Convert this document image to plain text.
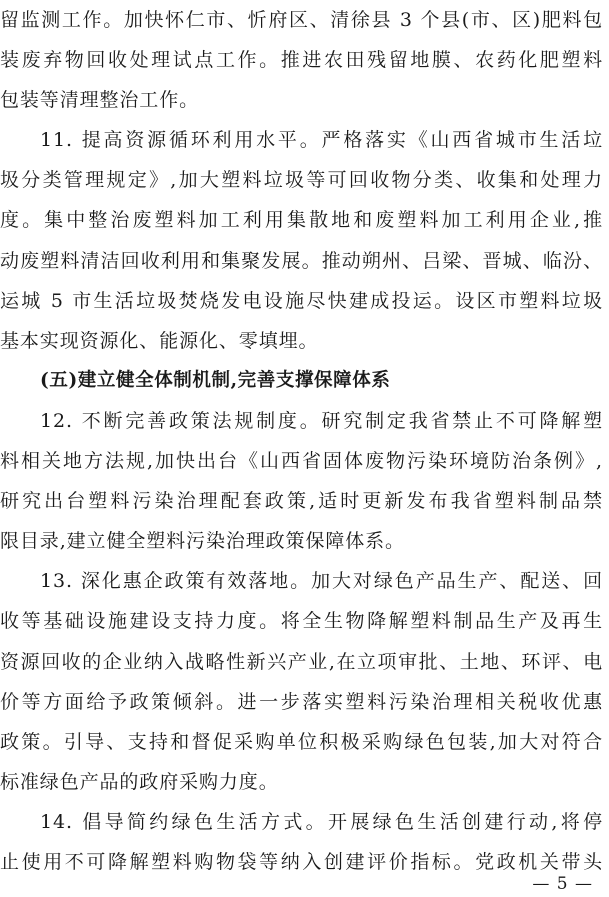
留监测工作。加快怀仁市、忻府区、清徐县 3 个县(市、区)肥料包
装废弃物回收处理试点工作。推进农田残留地膜、农药化肥塑料
包装等清理整治工作。
11. 提高资源循环利用水平。严格落实《山西省城市生活垃
圾分类管理规定》,加大塑料垃圾等可回收物分类、收集和处理力
度。集中整治废塑料加工利用集散地和废塑料加工利用企业,推
动废塑料清洁回收利用和集聚发展。推动朔州、吕梁、晋城、临汾、
运城 5 市生活垃圾焚烧发电设施尽快建成投运。设区市塑料垃圾
基本实现资源化、能源化、零填埋。
(五)建立健全体制机制,完善支撑保障体系
12. 不断完善政策法规制度。研究制定我省禁止不可降解塑
料相关地方法规,加快出台《山西省固体废物污染环境防治条例》,
研究出台塑料污染治理配套政策,适时更新发布我省塑料制品禁
限目录,建立健全塑料污染治理政策保障体系。
13. 深化惠企政策有效落地。加大对绿色产品生产、配送、回
收等基础设施建设支持力度。将全生物降解塑料制品生产及再生
资源回收的企业纳入战略性新兴产业,在立项审批、土地、环评、电
价等方面给予政策倾斜。进一步落实塑料污染治理相关税收优惠
政策。引导、支持和督促采购单位积极采购绿色包装,加大对符合
标准绿色产品的政府采购力度。
14. 倡导简约绿色生活方式。开展绿色生活创建行动,将停
止使用不可降解塑料购物袋等纳入创建评价指标。党政机关带头
— 5 —
